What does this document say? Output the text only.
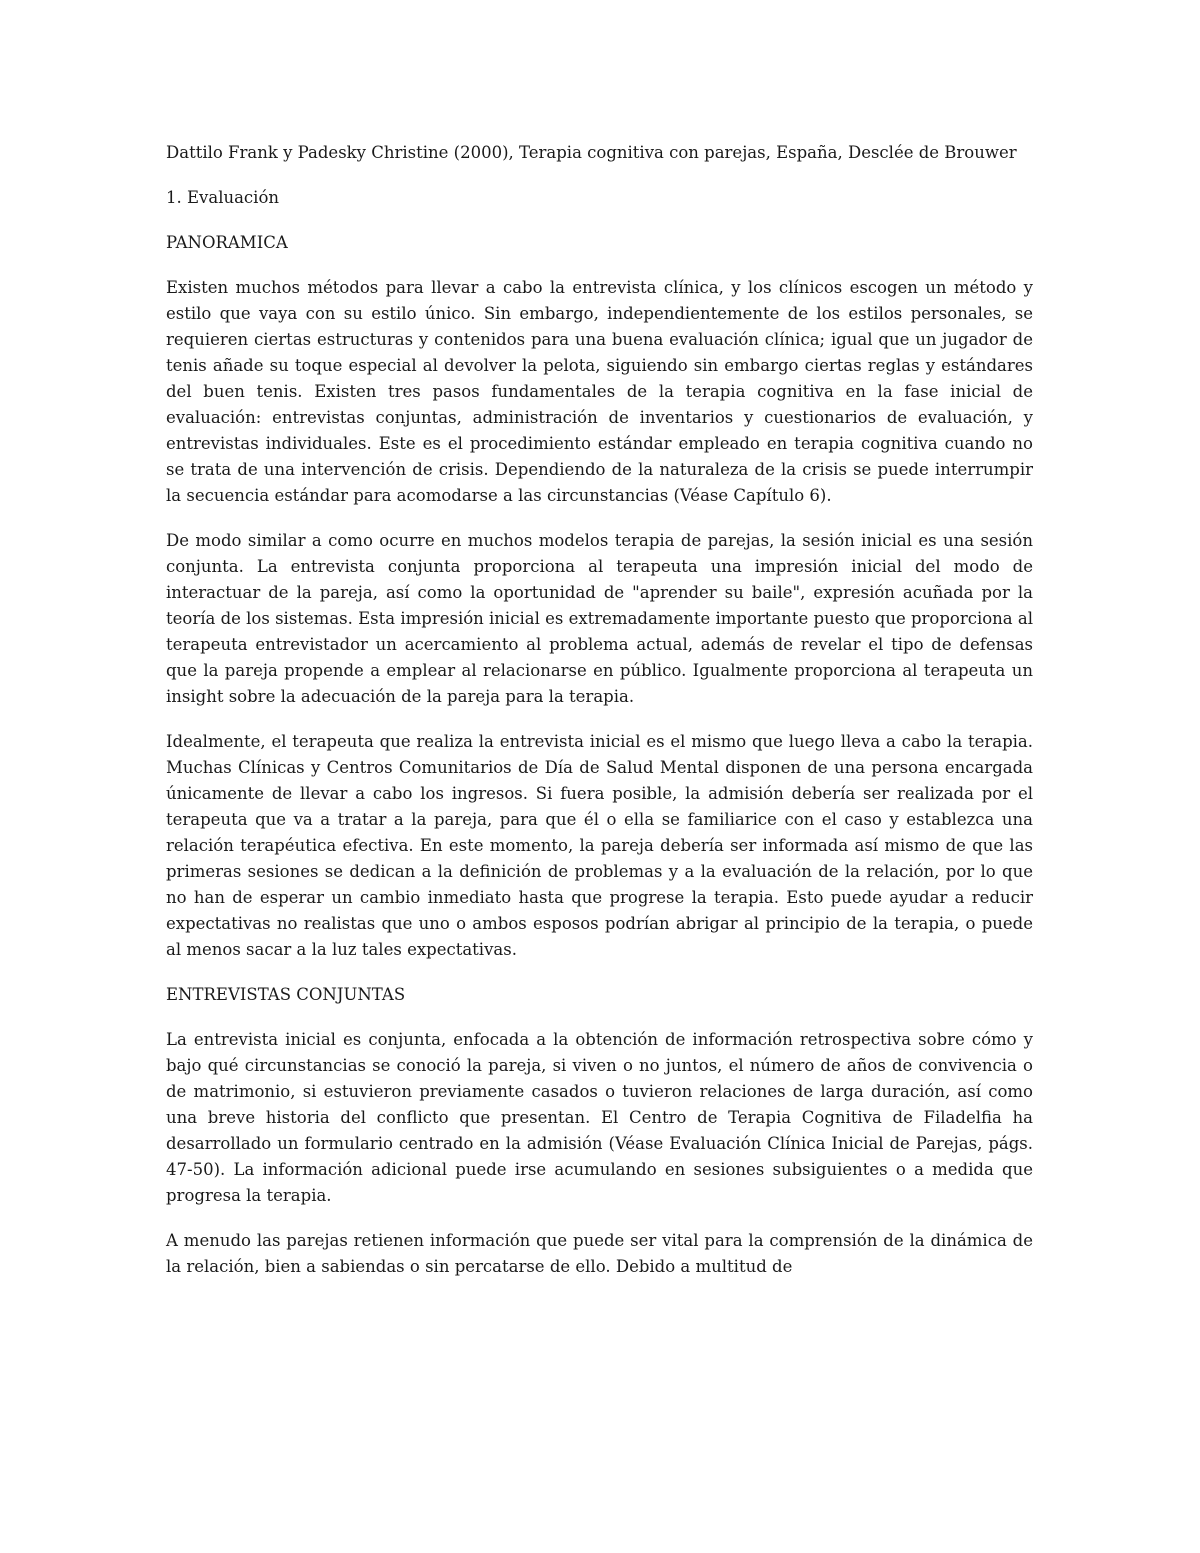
Dattilo Frank y Padesky Christine (2000), Terapia cognitiva con parejas, España, Desclée de Brouwer

1. Evaluación

PANORAMICA

Existen muchos métodos para llevar a cabo la entrevista clínica, y los clínicos escogen un método y estilo que vaya con su estilo único. Sin embargo, independientemente de los estilos personales, se requieren ciertas estructuras y contenidos para una buena evaluación clínica; igual que un jugador de tenis añade su toque especial al devolver la pelota, siguiendo sin embargo ciertas reglas y estándares del buen tenis. Existen tres pasos fundamentales de la terapia cognitiva en la fase inicial de evaluación: entrevistas conjuntas, administración de inventarios y cuestionarios de evaluación, y entrevistas individuales. Este es el procedimiento estándar empleado en terapia cognitiva cuando no se trata de una intervención de crisis. Dependiendo de la naturaleza de la crisis se puede interrumpir la secuencia estándar para acomodarse a las circunstancias (Véase Capítulo 6).

De modo similar a como ocurre en muchos modelos terapia de parejas, la sesión inicial es una sesión conjunta. La entrevista conjunta proporciona al terapeuta una impresión inicial del modo de interactuar de la pareja, así como la oportunidad de "aprender su baile", expresión acuñada por la teoría de los sistemas. Esta impresión inicial es extremadamente importante puesto que proporciona al terapeuta entrevistador un acercamiento al problema actual, además de revelar el tipo de defensas que la pareja propende a emplear al relacionarse en público. Igualmente proporciona al terapeuta un insight sobre la adecuación de la pareja para la terapia.

Idealmente, el terapeuta que realiza la entrevista inicial es el mismo que luego lleva a cabo la terapia. Muchas Clínicas y Centros Comunitarios de Día de Salud Mental disponen de una persona encargada únicamente de llevar a cabo los ingresos. Si fuera posible, la admisión debería ser realizada por el terapeuta que va a tratar a la pareja, para que él o ella se familiarice con el caso y establezca una relación terapéutica efectiva. En este momento, la pareja debería ser informada así mismo de que las primeras sesiones se dedican a la definición de problemas y a la evaluación de la relación, por lo que no han de esperar un cambio inmediato hasta que progrese la terapia. Esto puede ayudar a reducir expectativas no realistas que uno o ambos esposos podrían abrigar al principio de la terapia, o puede al menos sacar a la luz tales expectativas.

ENTREVISTAS CONJUNTAS

La entrevista inicial es conjunta, enfocada a la obtención de información retrospectiva sobre cómo y bajo qué circunstancias se conoció la pareja, si viven o no juntos, el número de años de convivencia o de matrimonio, si estuvieron previamente casados o tuvieron relaciones de larga duración, así como una breve historia del conflicto que presentan. El Centro de Terapia Cognitiva de Filadelfia ha desarrollado un formulario centrado en la admisión (Véase Evaluación Clínica Inicial de Parejas, págs. 47-50). La información adicional puede irse acumulando en sesiones subsiguientes o a medida que progresa la terapia.

A menudo las parejas retienen información que puede ser vital para la comprensión de la dinámica de la relación, bien a sabiendas o sin percatarse de ello. Debido a multitud de
